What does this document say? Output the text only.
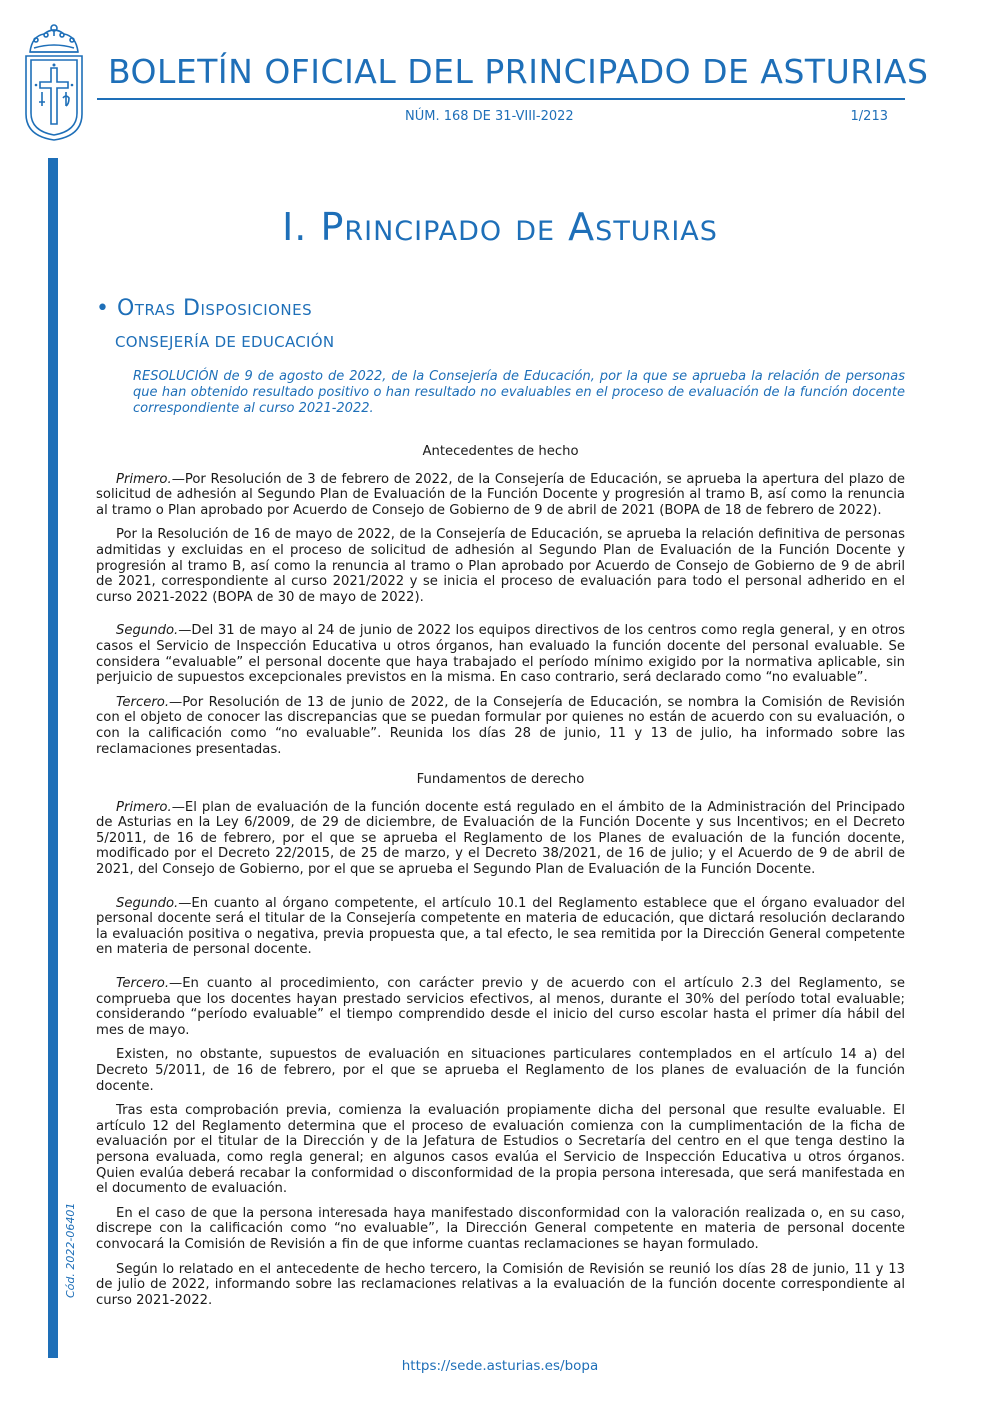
BOLETÍN OFICIAL DEL PRINCIPADO DE ASTURIAS
NÚM. 168 DE 31-VIII-2022	1/213
Cód. 2022-06401
I. Principado de Asturias
• Otras Disposiciones
CONSEJERÍA DE EDUCACIÓN
RESOLUCIÓN de 9 de agosto de 2022, de la Consejería de Educación, por la que se aprueba la relación de personas que han obtenido resultado positivo o han resultado no evaluables en el proceso de evaluación de la función docente correspondiente al curso 2021-2022.
Antecedentes de hecho

Primero.—Por Resolución de 3 de febrero de 2022, de la Consejería de Educación, se aprueba la apertura del plazo de solicitud de adhesión al Segundo Plan de Evaluación de la Función Docente y progresión al tramo B, así como la renuncia al tramo o Plan aprobado por Acuerdo de Consejo de Gobierno de 9 de abril de 2021 (BOPA de 18 de febrero de 2022).

Por la Resolución de 16 de mayo de 2022, de la Consejería de Educación, se aprueba la relación definitiva de personas admitidas y excluidas en el proceso de solicitud de adhesión al Segundo Plan de Evaluación de la Función Docente y progresión al tramo B, así como la renuncia al tramo o Plan aprobado por Acuerdo de Consejo de Gobierno de 9 de abril de 2021, correspondiente al curso 2021/2022 y se inicia el proceso de evaluación para todo el personal adherido en el curso 2021-2022 (BOPA de 30 de mayo de 2022).

Segundo.—Del 31 de mayo al 24 de junio de 2022 los equipos directivos de los centros como regla general, y en otros casos el Servicio de Inspección Educativa u otros órganos, han evaluado la función docente del personal evaluable. Se considera “evaluable” el personal docente que haya trabajado el período mínimo exigido por la normativa aplicable, sin perjuicio de supuestos excepcionales previstos en la misma. En caso contrario, será declarado como “no evaluable”.

Tercero.—Por Resolución de 13 de junio de 2022, de la Consejería de Educación, se nombra la Comisión de Revisión con el objeto de conocer las discrepancias que se puedan formular por quienes no están de acuerdo con su evaluación, o con la calificación como “no evaluable”. Reunida los días 28 de junio, 11 y 13 de julio, ha informado sobre las reclamaciones presentadas.

Fundamentos de derecho

Primero.—El plan de evaluación de la función docente está regulado en el ámbito de la Administración del Principado de Asturias en la Ley 6/2009, de 29 de diciembre, de Evaluación de la Función Docente y sus Incentivos; en el Decreto 5/2011, de 16 de febrero, por el que se aprueba el Reglamento de los Planes de evaluación de la función docente, modificado por el Decreto 22/2015, de 25 de marzo, y el Decreto 38/2021, de 16 de julio; y el Acuerdo de 9 de abril de 2021, del Consejo de Gobierno, por el que se aprueba el Segundo Plan de Evaluación de la Función Docente.

Segundo.—En cuanto al órgano competente, el artículo 10.1 del Reglamento establece que el órgano evaluador del personal docente será el titular de la Consejería competente en materia de educación, que dictará resolución declarando la evaluación positiva o negativa, previa propuesta que, a tal efecto, le sea remitida por la Dirección General competente en materia de personal docente.

Tercero.—En cuanto al procedimiento, con carácter previo y de acuerdo con el artículo 2.3 del Reglamento, se comprueba que los docentes hayan prestado servicios efectivos, al menos, durante el 30% del período total evaluable; considerando “período evaluable” el tiempo comprendido desde el inicio del curso escolar hasta el primer día hábil del mes de mayo.

Existen, no obstante, supuestos de evaluación en situaciones particulares contemplados en el artículo 14 a) del Decreto 5/2011, de 16 de febrero, por el que se aprueba el Reglamento de los planes de evaluación de la función docente.

Tras esta comprobación previa, comienza la evaluación propiamente dicha del personal que resulte evaluable. El artículo 12 del Reglamento determina que el proceso de evaluación comienza con la cumplimentación de la ficha de evaluación por el titular de la Dirección y de la Jefatura de Estudios o Secretaría del centro en el que tenga destino la persona evaluada, como regla general; en algunos casos evalúa el Servicio de Inspección Educativa u otros órganos. Quien evalúa deberá recabar la conformidad o disconformidad de la propia persona interesada, que será manifestada en el documento de evaluación.

En el caso de que la persona interesada haya manifestado disconformidad con la valoración realizada o, en su caso, discrepe con la calificación como “no evaluable”, la Dirección General competente en materia de personal docente convocará la Comisión de Revisión a fin de que informe cuantas reclamaciones se hayan formulado.

Según lo relatado en el antecedente de hecho tercero, la Comisión de Revisión se reunió los días 28 de junio, 11 y 13 de julio de 2022, informando sobre las reclamaciones relativas a la evaluación de la función docente correspondiente al curso 2021-2022.

https://sede.asturias.es/bopa
